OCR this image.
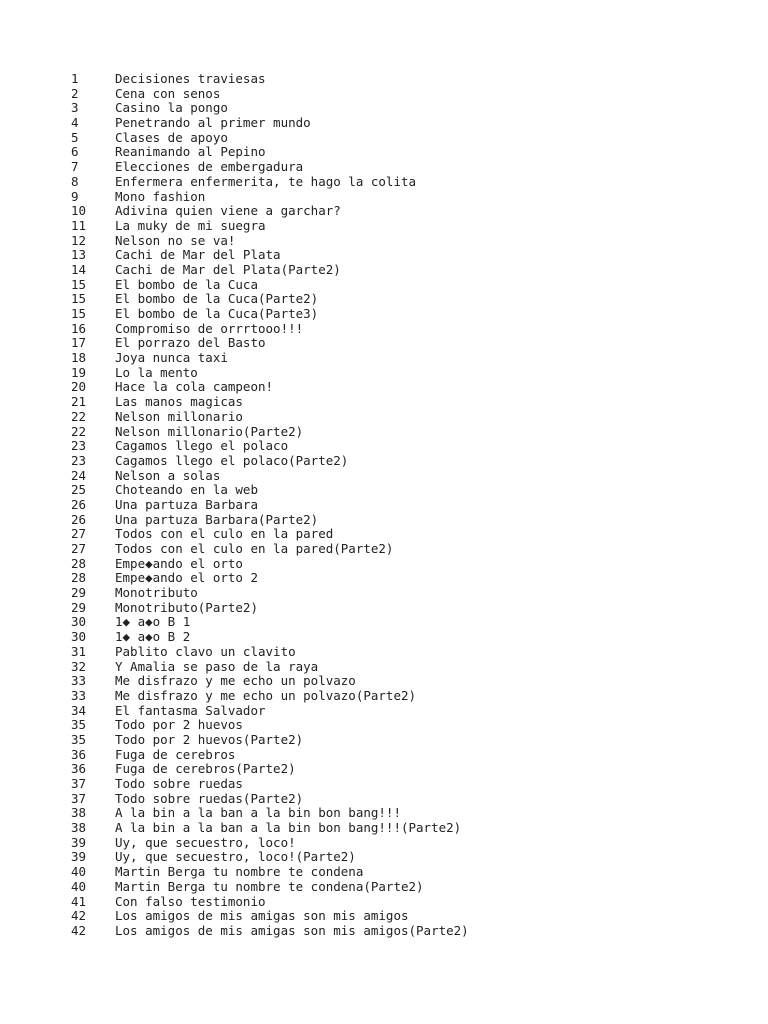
1	Decisiones traviesas
2	Cena con senos
3	Casino la pongo
4	Penetrando al primer mundo
5	Clases de apoyo
6	Reanimando al Pepino
7	Elecciones de embergadura
8	Enfermera enfermerita, te hago la colita
9	Mono fashion
10	Adivina quien viene a garchar?
11	La muky de mi suegra
12	Nelson no se va!
13	Cachi de Mar del Plata
14	Cachi de Mar del Plata(Parte2)
15	El bombo de la Cuca
15	El bombo de la Cuca(Parte2)
15	El bombo de la Cuca(Parte3)
16	Compromiso de orrrtooo!!!
17	El porrazo del Basto
18	Joya nunca taxi
19	Lo la mento
20	Hace la cola campeon!
21	Las manos magicas
22	Nelson millonario
22	Nelson millonario(Parte2)
23	Cagamos llego el polaco
23	Cagamos llego el polaco(Parte2)
24	Nelson a solas
25	Choteando en la web
26	Una partuza Barbara
26	Una partuza Barbara(Parte2)
27	Todos con el culo en la pared
27	Todos con el culo en la pared(Parte2)
28	Empe◆ando el orto
28	Empe◆ando el orto 2
29	Monotributo
29	Monotributo(Parte2)
30	1◆ a◆o B 1
30	1◆ a◆o B 2
31	Pablito clavo un clavito
32	Y Amalia se paso de la raya
33	Me disfrazo y me echo un polvazo
33	Me disfrazo y me echo un polvazo(Parte2)
34	El fantasma Salvador
35	Todo por 2 huevos
35	Todo por 2 huevos(Parte2)
36	Fuga de cerebros
36	Fuga de cerebros(Parte2)
37	Todo sobre ruedas
37	Todo sobre ruedas(Parte2)
38	A la bin a la ban a la bin bon bang!!!
38	A la bin a la ban a la bin bon bang!!!(Parte2)
39	Uy, que secuestro, loco!
39	Uy, que secuestro, loco!(Parte2)
40	Martin Berga tu nombre te condena
40	Martin Berga tu nombre te condena(Parte2)
41	Con falso testimonio
42	Los amigos de mis amigas son mis amigos
42	Los amigos de mis amigas son mis amigos(Parte2)
